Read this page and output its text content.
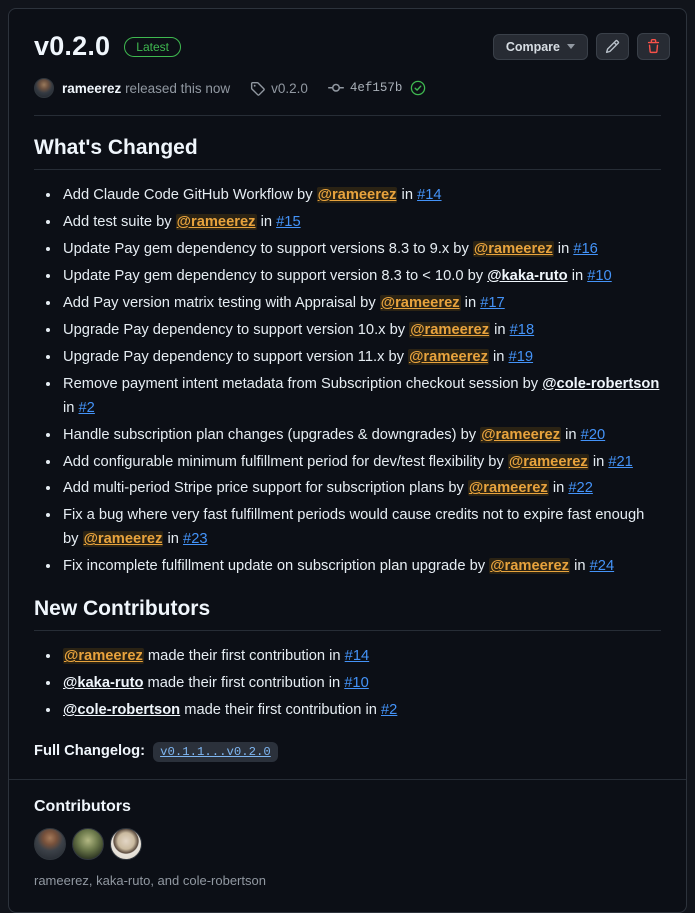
v0.2.0	Latest	Compare
rameerez released this now	v0.2.0	4ef157b
What's Changed
• Add Claude Code GitHub Workflow by @rameerez in #14
• Add test suite by @rameerez in #15
• Update Pay gem dependency to support versions 8.3 to 9.x by @rameerez in #16
• Update Pay gem dependency to support version 8.3 to < 10.0 by @kaka-ruto in #10
• Add Pay version matrix testing with Appraisal by @rameerez in #17
• Upgrade Pay dependency to support version 10.x by @rameerez in #18
• Upgrade Pay dependency to support version 11.x by @rameerez in #19
• Remove payment intent metadata from Subscription checkout session by @cole-robertson in #2
• Handle subscription plan changes (upgrades & downgrades) by @rameerez in #20
• Add configurable minimum fulfillment period for dev/test flexibility by @rameerez in #21
• Add multi-period Stripe price support for subscription plans by @rameerez in #22
• Fix a bug where very fast fulfillment periods would cause credits not to expire fast enough by @rameerez in #23
• Fix incomplete fulfillment update on subscription plan upgrade by @rameerez in #24
New Contributors
• @rameerez made their first contribution in #14
• @kaka-ruto made their first contribution in #10
• @cole-robertson made their first contribution in #2
Full Changelog: v0.1.1...v0.2.0
Contributors
rameerez, kaka-ruto, and cole-robertson
